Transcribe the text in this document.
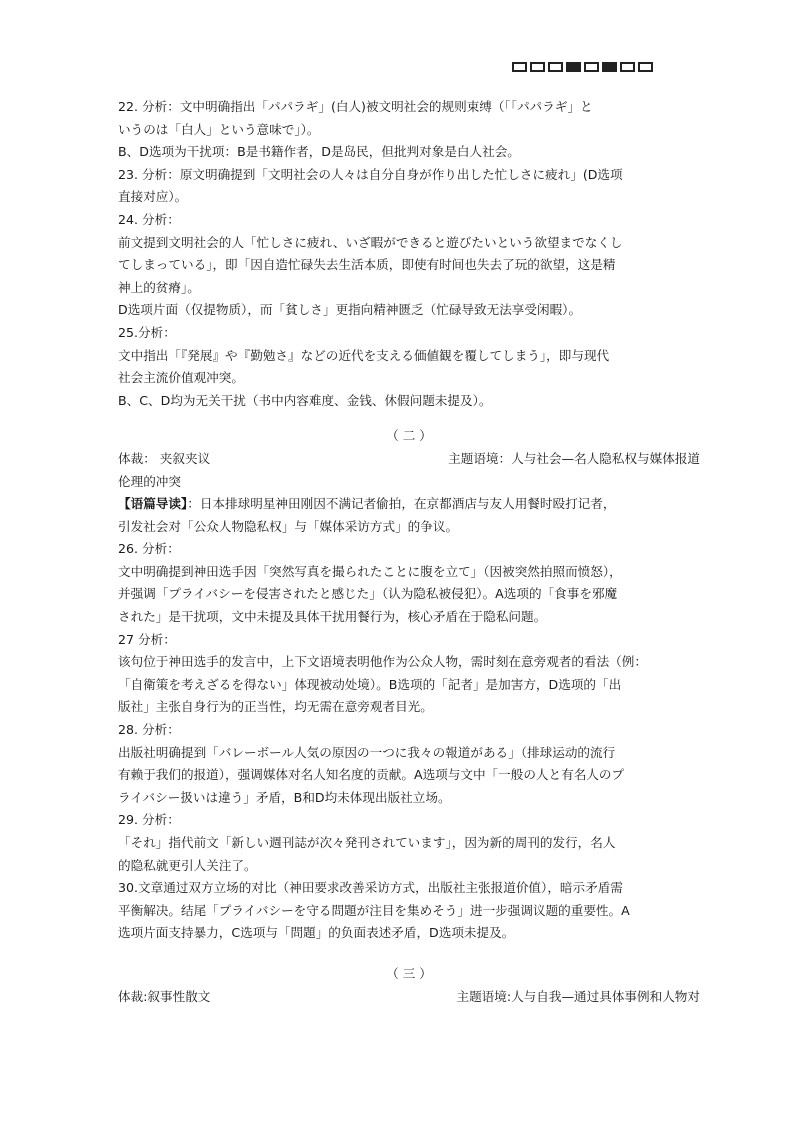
22. 分析：文中明确指出「パパラギ」(白人)被文明社会的规则束缚（「「パパラギ」と

いうのは「白人」という意味で」）。

B、D选项为干扰项：B是书籍作者，D是岛民，但批判对象是白人社会。

23. 分析：原文明确提到「文明社会の人々は自分自身が作り出した忙しさに疲れ」(D选项

直接对应）。

24. 分析：

前文提到文明社会的人「忙しさに疲れ、いざ暇ができると遊びたいという欲望までなくし

てしまっている」，即「因自造忙碌失去生活本质，即使有时间也失去了玩的欲望，这是精

神上的贫瘠」。

D选项片面（仅提物质），而「貧しさ」更指向精神匮乏（忙碌导致无法享受闲暇）。

25.分析：

文中指出「『発展』や『勤勉さ』などの近代を支える価値観を覆してしまう」，即与现代

社会主流价值观冲突。

B、C、D均为无关干扰（书中内容难度、金钱、休假问题未提及）。

（ 二 ）

体裁： 夹叙夹议	主题语境：人与社会—名人隐私权与媒体报道

伦理的冲突

【语篇导读】：日本排球明星神田刚因不满记者偷拍，在京都酒店与友人用餐时殴打记者，

引发社会对「公众人物隐私权」与「媒体采访方式」的争议。

26. 分析：

文中明确提到神田选手因「突然写真を撮られたことに腹を立て」（因被突然拍照而愤怒），

并强调「プライバシーを侵害されたと感じた」（认为隐私被侵犯）。A选项的「食事を邪魔

された」是干扰项，文中未提及具体干扰用餐行为，核心矛盾在于隐私问题。

27 分析：

该句位于神田选手的发言中，上下文语境表明他作为公众人物，需时刻在意旁观者的看法（例：

「自衛策を考えざるを得ない」体现被动处境）。B选项的「記者」是加害方，D选项的「出

版社」主张自身行为的正当性，均无需在意旁观者目光。

28. 分析：

出版社明确提到「バレーボール人気の原因の一つに我々の報道がある」（排球运动的流行

有赖于我们的报道），强调媒体对名人知名度的贡献。A选项与文中「一般の人と有名人のプ

ライバシー扱いは違う」矛盾，B和D均未体现出版社立场。

29. 分析：

「それ」指代前文「新しい週刊誌が次々発刊されています」，因为新的周刊的发行，名人

的隐私就更引人关注了。

30.文章通过双方立场的对比（神田要求改善采访方式，出版社主张报道价值），暗示矛盾需

平衡解决。结尾「プライバシーを守る問題が注目を集めそう」进一步强调议题的重要性。A

选项片面支持暴力，C选项与「問題」的负面表述矛盾，D选项未提及。

（ 三 ）

体裁:叙事性散文	主题语境:人与自我—通过具体事例和人物对
